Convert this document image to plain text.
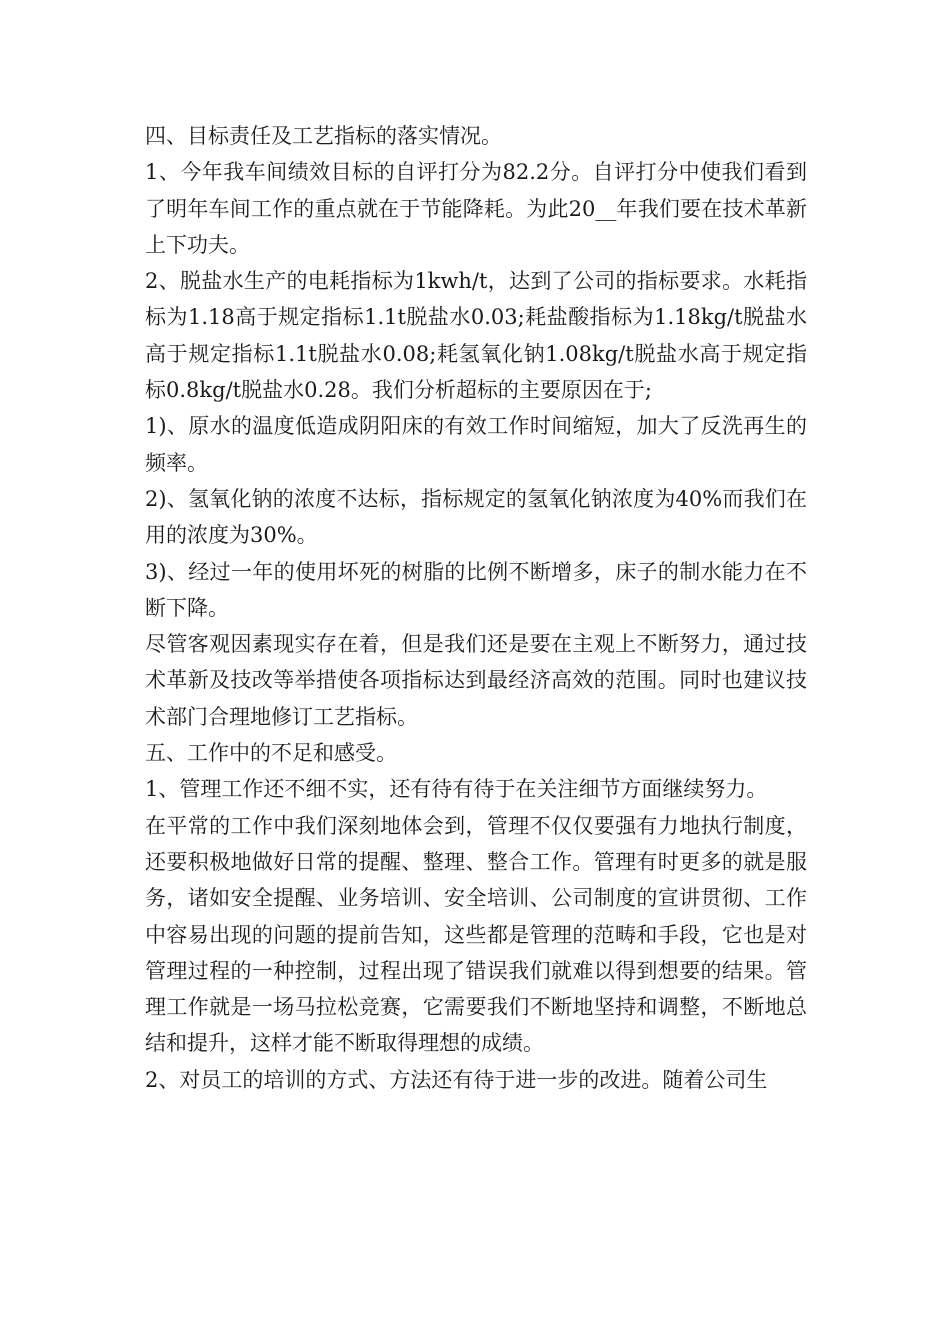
四、目标责任及工艺指标的落实情况。

1、今年我车间绩效目标的自评打分为82.2分。自评打分中使我们看到了明年车间工作的重点就在于节能降耗。为此20__年我们要在技术革新上下功夫。

2、脱盐水生产的电耗指标为1kwh/t，达到了公司的指标要求。水耗指标为1.18高于规定指标1.1t脱盐水0.03;耗盐酸指标为1.18kg/t脱盐水高于规定指标1.1t脱盐水0.08;耗氢氧化钠1.08kg/t脱盐水高于规定指标0.8kg/t脱盐水0.28。我们分析超标的主要原因在于;

1)、原水的温度低造成阴阳床的有效工作时间缩短，加大了反洗再生的频率。

2)、氢氧化钠的浓度不达标，指标规定的氢氧化钠浓度为40%而我们在用的浓度为30%。

3)、经过一年的使用坏死的树脂的比例不断增多，床子的制水能力在不断下降。

尽管客观因素现实存在着，但是我们还是要在主观上不断努力，通过技术革新及技改等举措使各项指标达到最经济高效的范围。同时也建议技术部门合理地修订工艺指标。

五、工作中的不足和感受。

1、管理工作还不细不实，还有待有待于在关注细节方面继续努力。

在平常的工作中我们深刻地体会到，管理不仅仅要强有力地执行制度，还要积极地做好日常的提醒、整理、整合工作。管理有时更多的就是服务，诸如安全提醒、业务培训、安全培训、公司制度的宣讲贯彻、工作中容易出现的问题的提前告知，这些都是管理的范畴和手段，它也是对管理过程的一种控制，过程出现了错误我们就难以得到想要的结果。管理工作就是一场马拉松竞赛，它需要我们不断地坚持和调整，不断地总结和提升，这样才能不断取得理想的成绩。

2、对员工的培训的方式、方法还有待于进一步的改进。随着公司生
